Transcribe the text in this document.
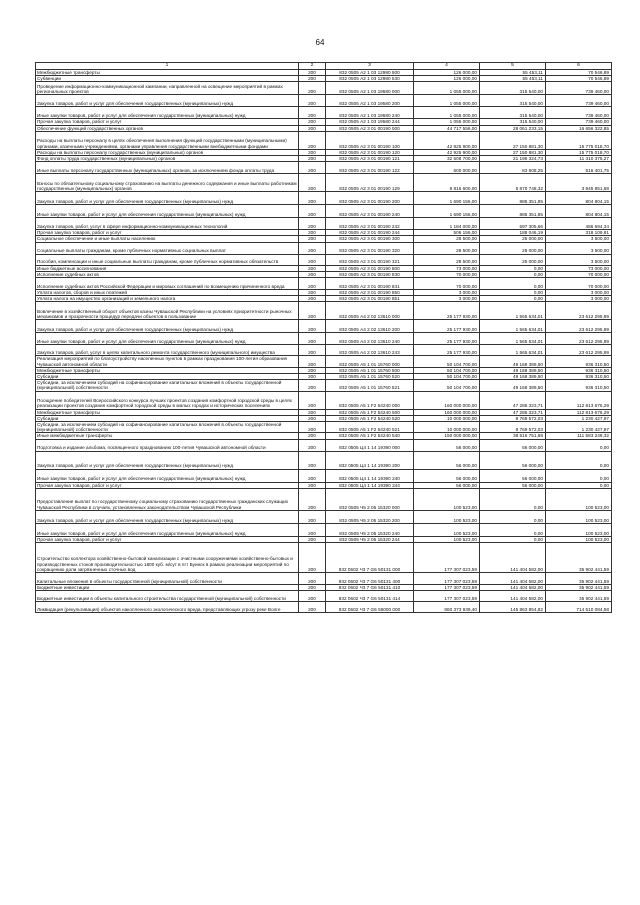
64
1	2	3	4	5	6
Межбюджетные трансферты	200	832 0505 А2 1 03 12980 500	126 000,00	55 453,11	70 546,89
Субвенции	200	832 0505 А2 1 03 12980 530	126 000,00	55 453,11	70 546,89
Проведение информационно-коммуникационной кампании, направленной на освещение мероприятий в рамках региональных проектов	200	832 0505 А2 1 03 19580 000	1 055 000,00	315 540,00	739 460,00
Закупка товаров, работ и услуг для обеспечения государственных (муниципальных) нужд	200	832 0505 А2 1 03 19580 200	1 055 000,00	315 540,00	739 460,00
Иные закупки товаров, работ и услуг для обеспечения государственных (муниципальных) нужд	200	832 0505 А2 1 03 19580 240	1 055 000,00	315 540,00	739 460,00
Прочая закупка товаров, работ и услуг	200	832 0505 А2 1 03 19580 244	1 055 000,00	315 540,00	739 460,00
Обеспечение функций государственных органов	200	832 0505 А2 3 01 00190 000	44 717 556,00	28 061 233,15	16 656 322,85
Расходы на выплаты персоналу в целях обеспечения выполнения функций государственными (муниципальными) органами, казенными учреждениями, органами управления государственными внебюджетными фондами	200	832 0505 А2 3 01 00190 100	42 925 900,00	27 150 881,30	15 775 018,70
Расходы на выплаты персоналу государственных (муниципальных) органов	200	832 0505 А2 3 01 00190 120	42 925 900,00	27 150 881,30	15 775 018,70
Фонд оплаты труда государственных (муниципальных) органов	200	832 0505 А2 3 01 00190 121	32 508 700,00	21 196 324,73	11 310 375,27
Иные выплаты персоналу государственных (муниципальных) органов, за исключением фонда оплаты труда	200	832 0505 А2 3 01 00190 122	600 000,00	83 608,25	516 401,75
Взносы по обязательному социальному страхованию на выплаты денежного содержания и иные выплаты работникам государственных (муниципальных) органов	200	832 0505 А2 3 01 00190 129	9 816 600,00	5 870 748,32	3 945 851,68
Закупка товаров, работ и услуг для обеспечения государственных (муниципальных) нужд	200	832 0505 А2 3 01 00190 200	1 690 156,00	885 351,85	804 804,15
Иные закупки товаров, работ и услуг для обеспечения государственных (муниципальных) нужд	200	832 0505 А2 3 01 00190 240	1 690 156,00	885 351,85	804 804,15
Закупка товаров, работ, услуг в сфере информационно-коммуникационных технологий	200	832 0505 А2 3 01 00190 242	1 184 000,00	697 305,66	486 694,34
Прочая закупка товаров, работ и услуг	200	832 0505 А2 3 01 00190 244	506 156,00	188 046,19	318 109,81
Социальное обеспечение и иные выплаты населению	200	832 0505 А2 3 01 00190 300	28 500,00	25 000,00	3 500,00
Социальные выплаты гражданам, кроме публичных нормативных социальных выплат	200	832 0505 А2 3 01 00190 320	28 500,00	25 000,00	3 500,00
Пособия, компенсации и иные социальные выплаты гражданам, кроме публичных нормативных обязательств	200	832 0505 А2 3 01 00190 321	28 500,00	25 000,00	3 500,00
Иные бюджетные ассигнования	200	832 0505 А2 3 01 00190 800	73 000,00	0,00	73 000,00
Исполнение судебных актов	200	832 0505 А2 3 01 00190 830	70 000,00	0,00	70 000,00
Исполнение судебных актов Российской Федерации и мировых соглашений по возмещению причиненного вреда	200	832 0505 А2 3 01 00190 831	70 000,00	0,00	70 000,00
Уплата налогов, сборов и иных платежей	200	832 0505 А2 3 01 00190 850	3 000,00	0,00	3 000,00
Уплата налога на имущество организаций и земельного налога	200	832 0505 А2 3 01 00190 851	3 000,00	0,00	3 000,00
Вовлечение в хозяйственный оборот объектов казны Чувашской Республики на условиях приоритетности рыночных механизмов и прозрачности процедур передачи объектов в пользование	200	832 0505 А4 2 02 13610 000	25 177 930,00	1 565 634,01	23 612 295,99
Закупка товаров, работ и услуг для обеспечения государственных (муниципальных) нужд	200	832 0505 А4 2 02 13610 200	25 177 930,00	1 565 634,01	23 612 295,99
Иные закупки товаров, работ и услуг для обеспечения государственных (муниципальных) нужд	200	832 0505 А4 2 02 13610 240	25 177 930,00	1 565 634,01	23 612 295,99
Закупка товаров, работ, услуг в целях капитального ремонта государственного (муниципального) имущества	200	832 0505 А4 2 02 13610 243	25 177 930,00	1 565 634,01	23 612 295,99
Реализация мероприятий по благоустройству населенных пунктов в рамках празднования 100-летия образования Чувашской автономной области	200	832 0505 А5 1 01 15760 000	50 104 700,00	49 168 389,50	936 310,50
Межбюджетные трансферты	200	832 0505 А5 1 01 15760 500	50 104 700,00	49 168 389,50	936 310,50
Субсидии	200	832 0505 А5 1 01 15760 520	50 104 700,00	49 168 389,50	936 310,50
Субсидии, за исключением субсидий на софинансирование капитальных вложений в объекты государственной (муниципальной) собственности	200	832 0505 А5 1 01 15760 521	50 104 700,00	49 168 389,50	936 310,50
Поощрение победителей Всероссийского конкурса лучших проектов создания комфортной городской среды в целях реализации проектов создания комфортной городской среды в малых городах и исторических поселениях	200	832 0505 А5 1 F2 54240 000	160 000 000,00	47 286 323,71	112 813 676,29
Межбюджетные трансферты	200	832 0505 А5 1 F2 54240 500	160 000 000,00	47 286 323,71	112 813 676,29
Субсидии	200	832 0505 А5 1 F2 54240 520	10 000 000,00	8 769 572,03	1 230 427,97
Субсидии, за исключением субсидий на софинансирование капитальных вложений в объекты государственной (муниципальной) собственности	200	832 0505 А5 1 F2 54240 521	10 000 000,00	8 769 572,03	1 230 427,97
Иные межбюджетные трансферты	200	832 0505 А5 1 F2 54240 540	150 000 000,00	38 516 751,68	111 583 248,32
Подготовка и издание альбома, посвященного празднованию 100-летия Чувашской автономной области	200	832 0505 Ц4 1 14 19390 000	56 000,00	56 000,00	0,00
Закупка товаров, работ и услуг для обеспечения государственных (муниципальных) нужд	200	832 0505 Ц4 1 14 19390 200	56 000,00	56 000,00	0,00
Иные закупки товаров, работ и услуг для обеспечения государственных (муниципальных) нужд	200	832 0505 Ц4 1 14 19390 240	56 000,00	56 000,00	0,00
Прочая закупка товаров, работ и услуг	200	832 0505 Ц4 1 14 19390 244	56 000,00	56 000,00	0,00
Предоставление выплат по государственному социальному страхованию государственных гражданских служащих Чувашской Республики в случаях, установленных законодательством Чувашской Республики	200	832 0505 Ч5 2 05 15320 000	100 523,00	0,00	100 523,00
Закупка товаров, работ и услуг для обеспечения государственных (муниципальных) нужд	200	832 0505 Ч5 2 05 15320 200	100 523,00	0,00	100 523,00
Иные закупки товаров, работ и услуг для обеспечения государственных (муниципальных) нужд	200	832 0505 Ч5 2 05 15320 240	100 523,00	0,00	100 523,00
Прочая закупка товаров, работ и услуг	200	832 0505 Ч5 2 05 15320 244	100 523,00	0,00	100 523,00
Строительство коллектора хозяйственно-бытовой канализации с очистными сооружениями хозяйственно-бытовых и производственных стоков производительностью 1800 куб. м/сут в пгт Буинск в рамках реализации мероприятий по сокращению доли загрязненных сточных вод	200	832 0602 Ч3 7 G6 50131 000	177 307 023,59	141 404 582,00	35 902 441,59
Капитальные вложения в объекты государственной (муниципальной) собственности	200	832 0602 Ч3 7 G6 50131 400	177 307 023,59	141 404 582,00	35 902 441,59
Бюджетные инвестиции	200	832 0602 Ч3 7 G6 50131 410	177 307 023,59	141 404 582,00	35 902 441,59
Бюджетные инвестиции в объекты капитального строительства государственной (муниципальной) собственности	200	832 0602 Ч3 7 G6 50131 414	177 307 023,59	141 404 582,00	35 902 441,59
Ликвидация (рекультивация) объектов накопленного экологического вреда, представляющих угрозу реке Волге	200	832 0602 Ч3 7 G6 55000 000	860 373 939,40	145 863 854,82	714 510 084,58
